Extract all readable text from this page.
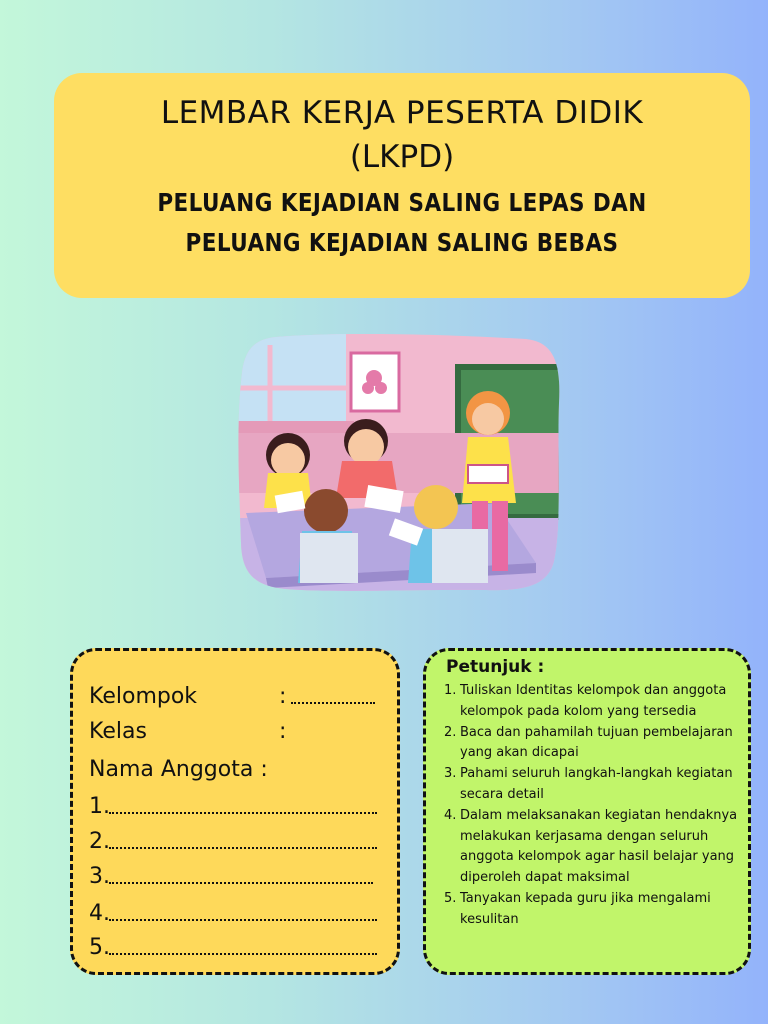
LEMBAR KERJA PESERTA DIDIK
(LKPD)
PELUANG KEJADIAN SALING LEPAS DAN
PELUANG KEJADIAN SALING BEBAS
Kelompok	:
Kelas	:
Nama Anggota :
1.
2.
3.
4.
5.
Petunjuk :
1. Tuliskan Identitas kelompok dan anggota kelompok pada kolom yang tersedia
2. Baca dan pahamilah tujuan pembelajaran yang akan dicapai
3. Pahami seluruh langkah-langkah kegiatan secara detail
4. Dalam melaksanakan kegiatan hendaknya melakukan kerjasama dengan seluruh anggota kelompok agar hasil belajar yang diperoleh dapat maksimal
5. Tanyakan kepada guru jika mengalami kesulitan
